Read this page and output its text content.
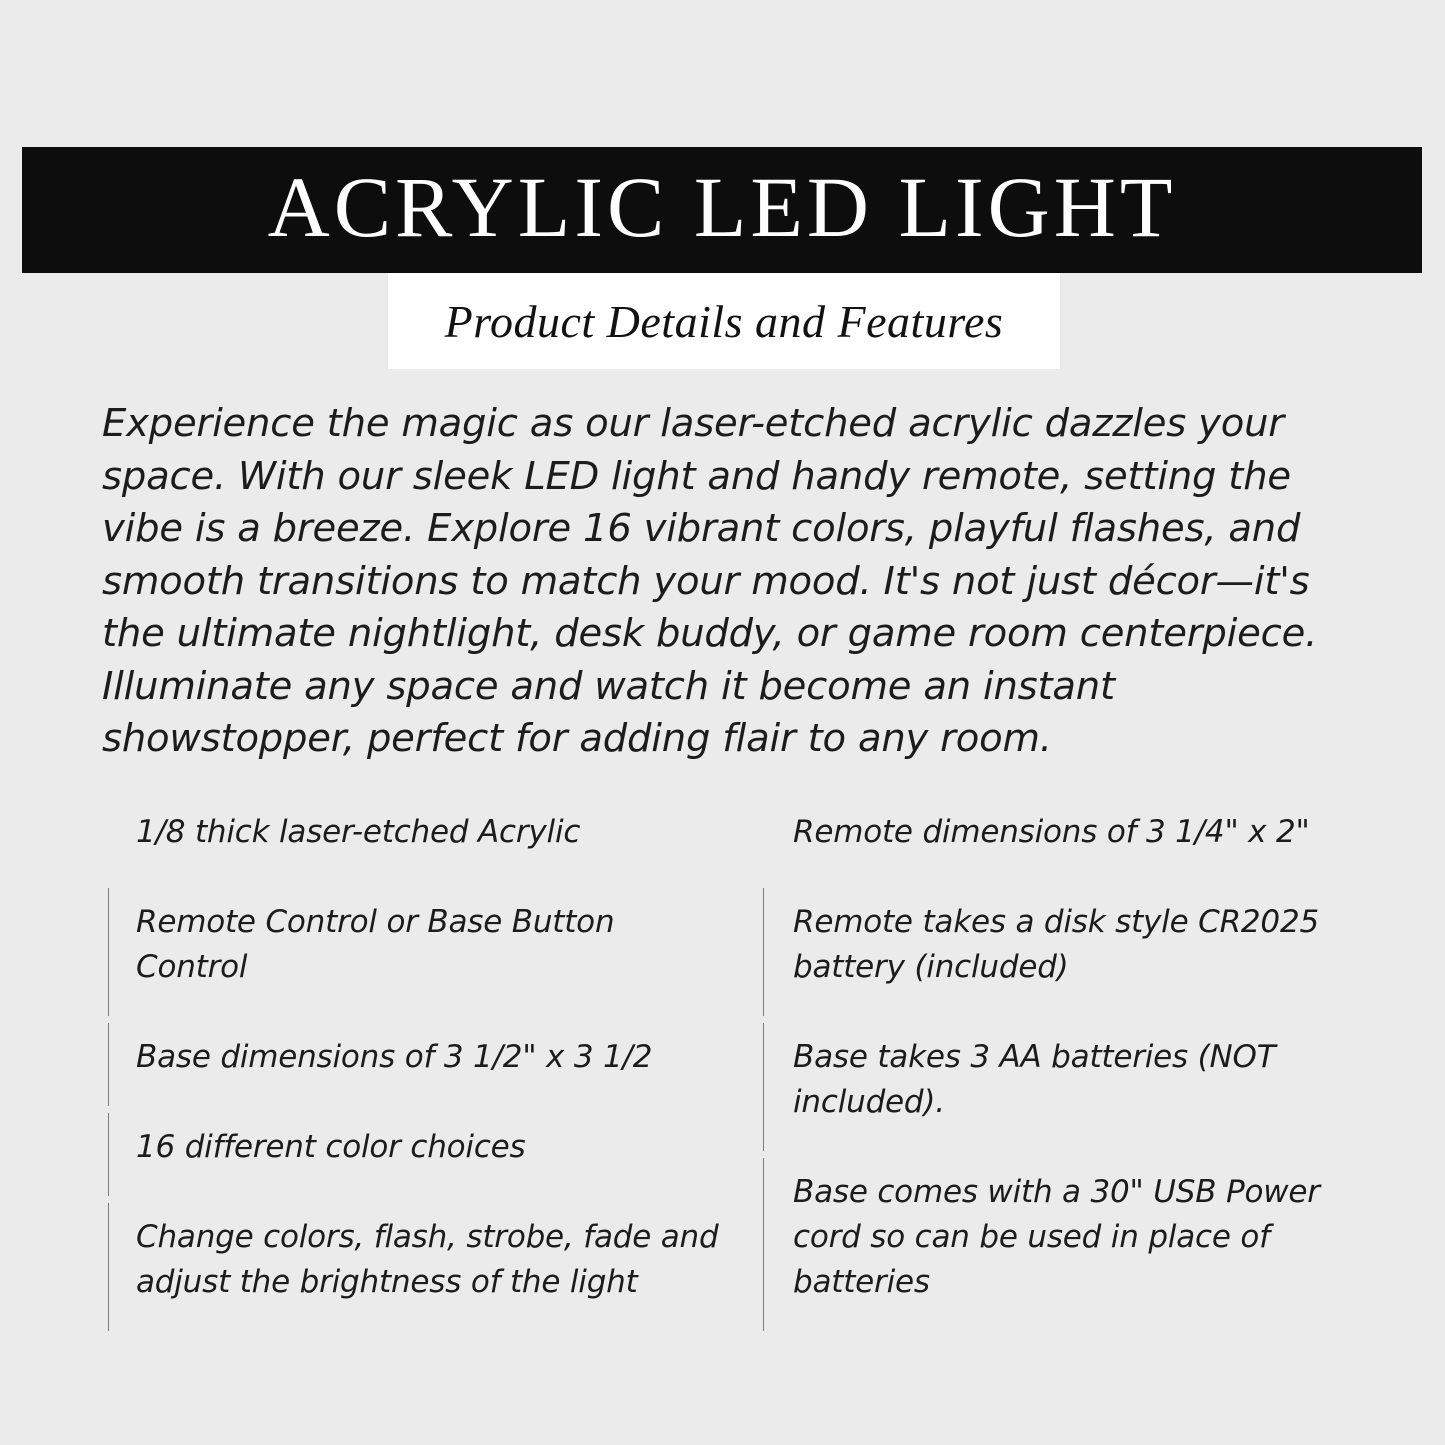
ACRYLIC LED LIGHT
Product Details and Features
Experience the magic as our laser-etched acrylic dazzles your space. With our sleek LED light and handy remote, setting the vibe is a breeze. Explore 16 vibrant colors, playful flashes, and smooth transitions to match your mood. It's not just décor—it's the ultimate nightlight, desk buddy, or game room centerpiece. Illuminate any space and watch it become an instant showstopper, perfect for adding flair to any room.
1/8 thick laser-etched Acrylic
Remote Control or Base Button Control
Base dimensions of 3 1/2" x 3 1/2
16 different color choices
Change colors, flash, strobe, fade and adjust the brightness of the light
Remote dimensions of 3 1/4" x 2"
Remote takes a disk style CR2025 battery (included)
Base takes 3 AA batteries (NOT included).
Base comes with a 30" USB Power cord so can be used in place of batteries
